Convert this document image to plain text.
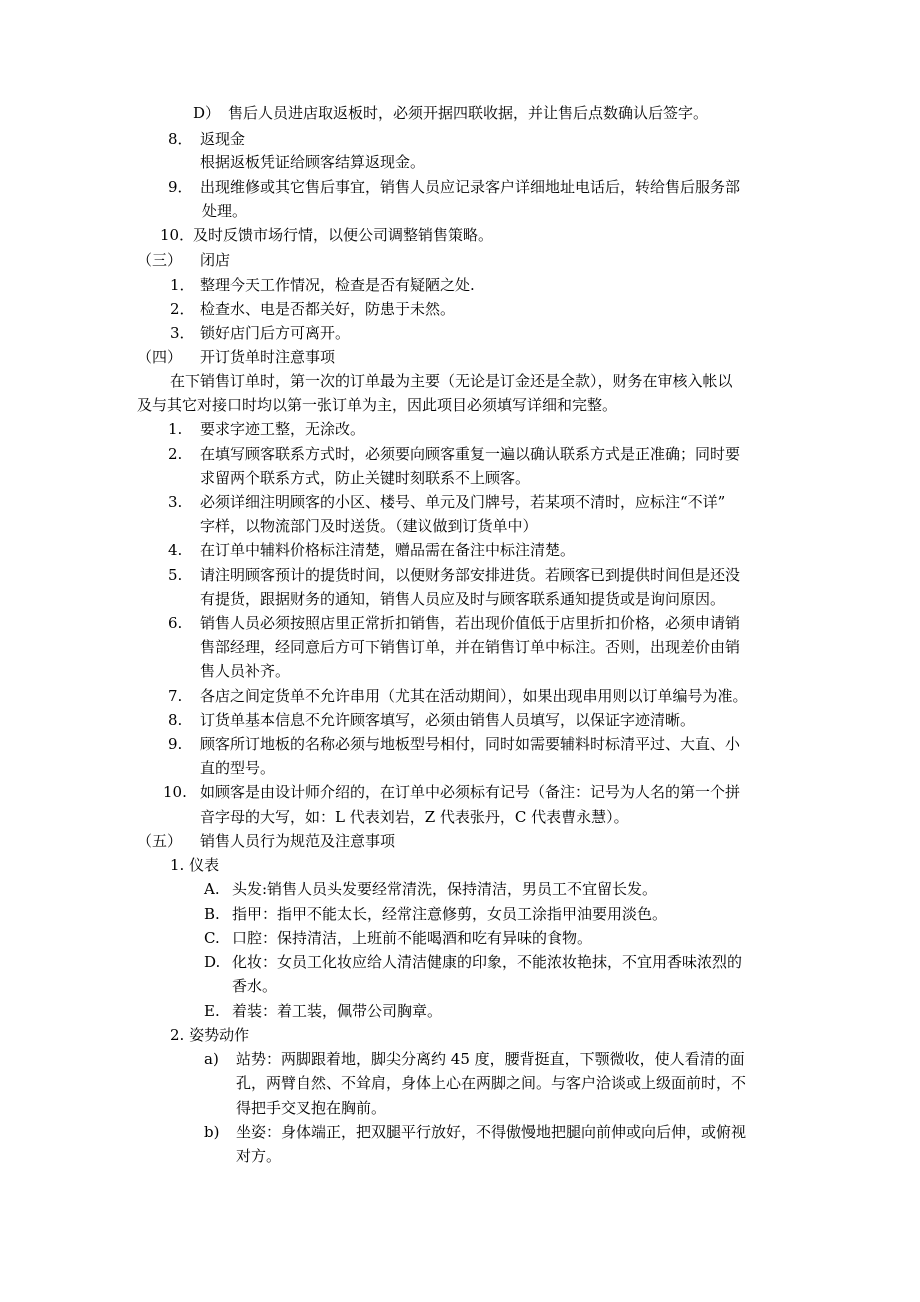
D） 售后人员进店取返板时，必须开据四联收据，并让售后点数确认后签字。
8． 返现金
根据返板凭证给顾客结算返现金。
9． 出现维修或其它售后事宜，销售人员应记录客户详细地址电话后，转给售后服务部
处理。
10．
及时反馈市场行情，以便公司调整销售策略。
（三） 闭店
1． 整理今天工作情况，检查是否有疑陋之处.
2． 检查水、电是否都关好，防患于未然。
3． 锁好店门后方可离开。
（四） 开订货单时注意事项
在下销售订单时，第一次的订单最为主要（无论是订金还是全款），财务在审核入帐以
及与其它对接口时均以第一张订单为主，因此项目必须填写详细和完整。
1. 要求字迹工整，无涂改。
2. 在填写顾客联系方式时，必须要向顾客重复一遍以确认联系方式是正准确；同时要
求留两个联系方式，防止关键时刻联系不上顾客。
3. 必须详细注明顾客的小区、楼号、单元及门牌号，若某项不清时，应标注“不详”
字样，以物流部门及时送货。（建议做到订货单中）
4. 在订单中辅料价格标注清楚，赠品需在备注中标注清楚。
5. 请注明顾客预计的提货时间，以便财务部安排进货。若顾客已到提供时间但是还没
有提货，跟据财务的通知，销售人员应及时与顾客联系通知提货或是询问原因。
6. 销售人员必须按照店里正常折扣销售，若出现价值低于店里折扣价格，必须申请销
售部经理，经同意后方可下销售订单，并在销售订单中标注。否则，出现差价由销
售人员补齐。
7. 各店之间定货单不允许串用（尤其在活动期间），如果出现串用则以订单编号为准。
8. 订货单基本信息不允许顾客填写，必须由销售人员填写，以保证字迹清晰。
9. 顾客所订地板的名称必须与地板型号相付，同时如需要辅料时标清平过、大直、小
直的型号。
10. 如顾客是由设计师介绍的，在订单中必须标有记号（备注：记号为人名的第一个拼
音字母的大写，如：L 代表刘岩，Z 代表张丹，C 代表曹永慧）。
（五） 销售人员行为规范及注意事项
1. 仪表
A. 头发:销售人员头发要经常清洗，保持清洁，男员工不宜留长发。
B. 指甲：指甲不能太长，经常注意修剪，女员工涂指甲油要用淡色。
C. 口腔：保持清洁，上班前不能喝酒和吃有异味的食物。
D. 化妆：女员工化妆应给人清洁健康的印象，不能浓妆艳抹，不宜用香味浓烈的
香水。
E. 着装：着工装，佩带公司胸章。
2. 姿势动作
a) 站势：两脚跟着地，脚尖分离约 45 度，腰背挺直，下颚微收，使人看清的面
孔，两臂自然、不耸肩，身体上心在两脚之间。与客户洽谈或上级面前时，不
得把手交叉抱在胸前。
b) 坐姿：身体端正，把双腿平行放好，不得傲慢地把腿向前伸或向后伸，或俯视
对方。
